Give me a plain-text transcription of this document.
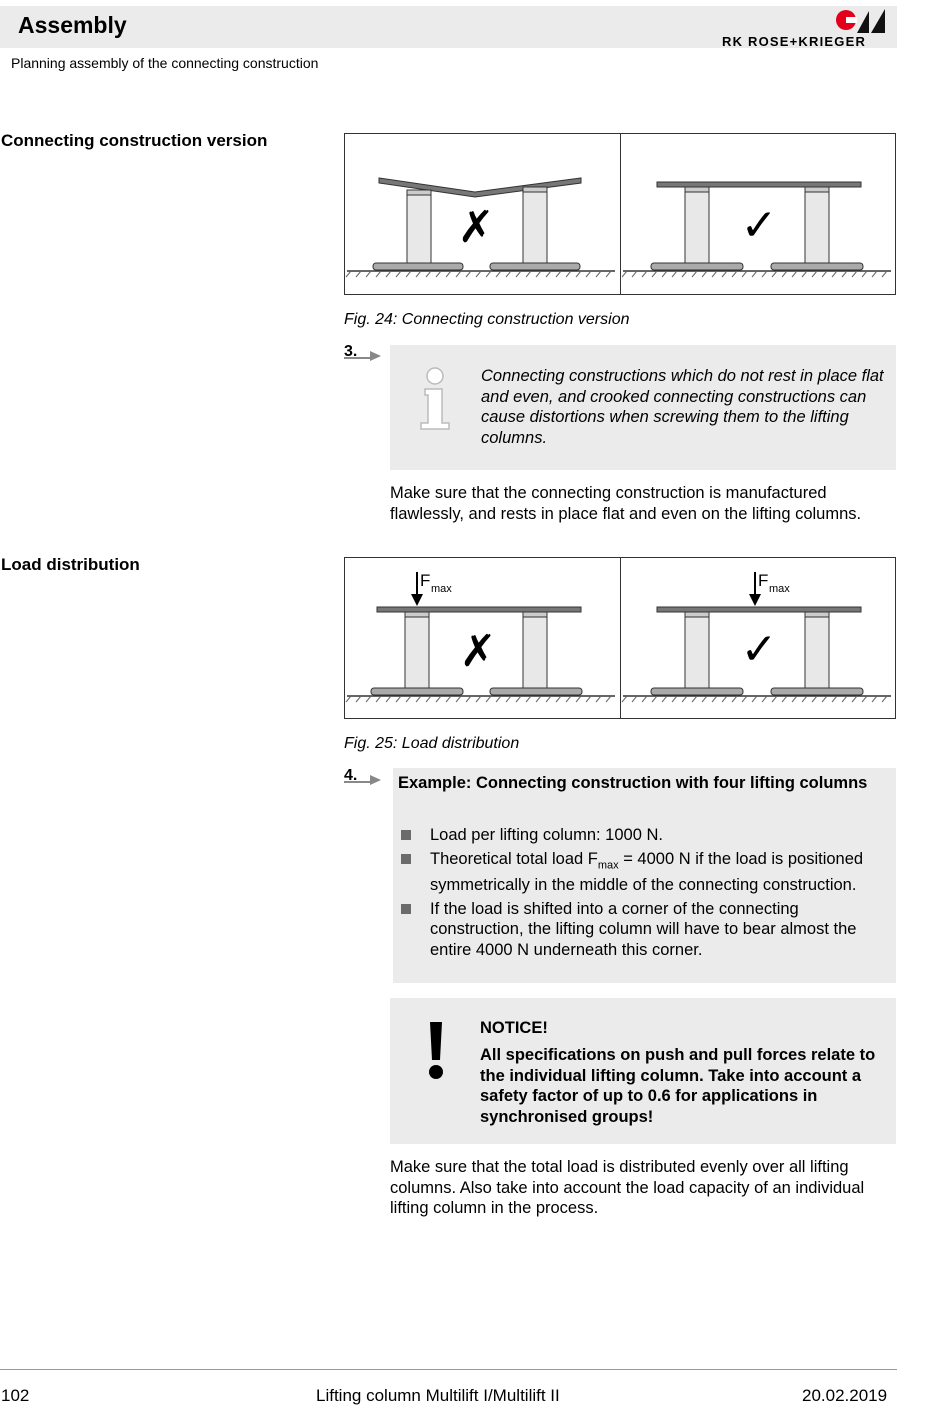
Assembly
Planning assembly of the connecting construction
RK ROSE+KRIEGER
Connecting construction version
✗	✓
Fig. 24: Connecting construction version
3.
Connecting constructions which do not rest in place flat and even, and crooked connecting constructions can cause distortions when screwing them to the lifting columns.
Make sure that the connecting construction is manufactured flawlessly, and rests in place flat and even on the lifting columns.
Load distribution
F max
✗
F max
✓
Fig. 25: Load distribution
4. Example: Connecting construction with four lifting columns
Load per lifting column: 1000 N.
Theoretical total load $F_{max} = 4000$ N if the load is positioned symmetrically in the middle of the connecting construction.
If the load is shifted into a corner of the connecting construction, the lifting column will have to bear almost the entire 4000 N underneath this corner.
NOTICE!
All specifications on push and pull forces relate to the individual lifting column. Take into account a safety factor of up to 0.6 for applications in synchronised groups!
Make sure that the total load is distributed evenly over all lifting columns. Also take into account the load capacity of an individual lifting column in the process.
102	Lifting column Multilift I/Multilift II	20.02.2019
